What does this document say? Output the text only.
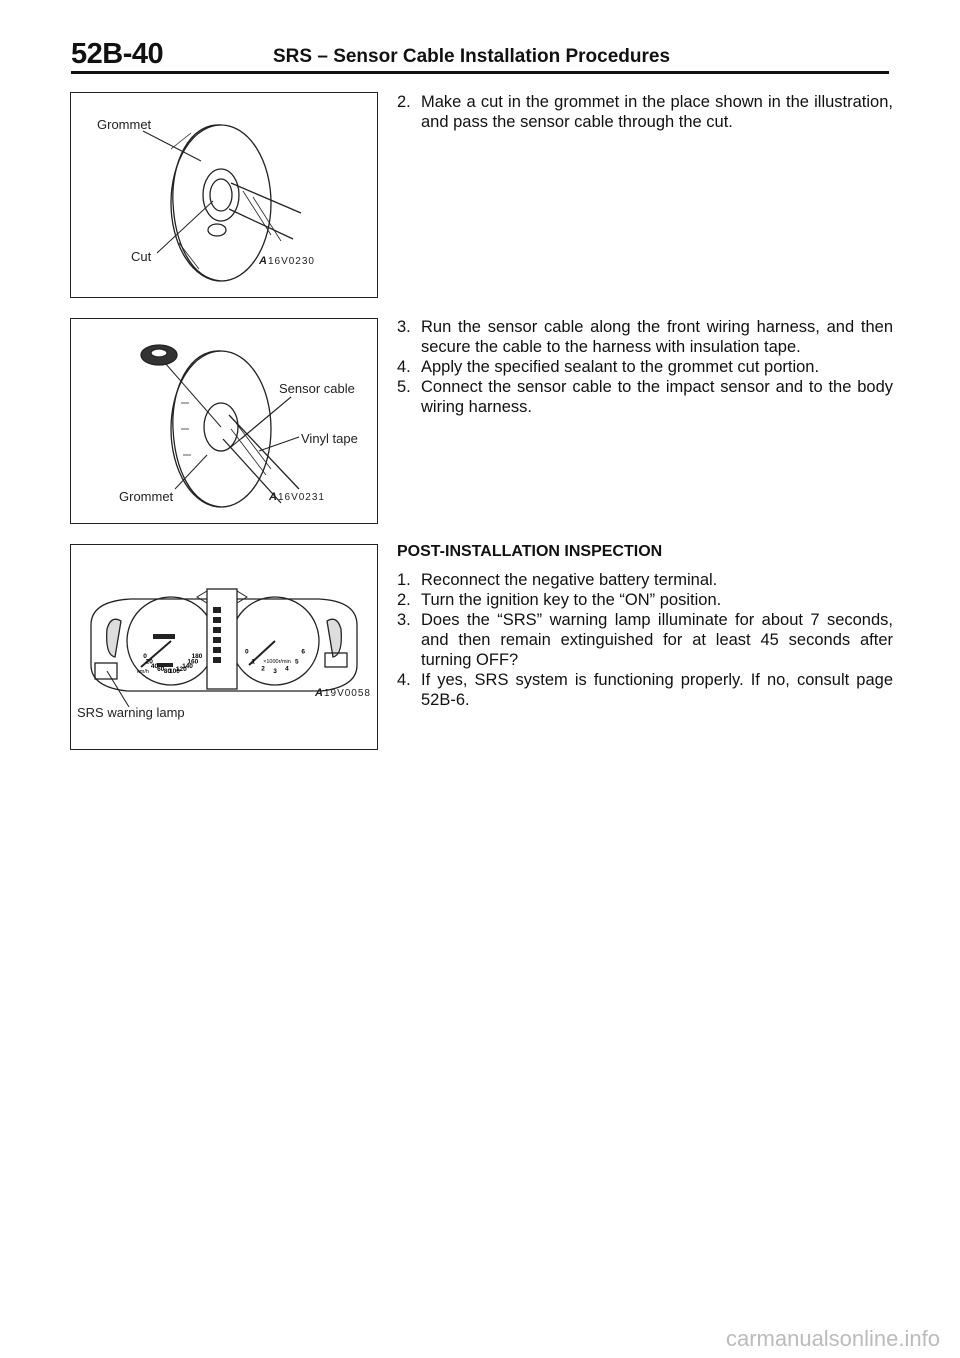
52B-40	SRS – Sensor Cable Installation Procedures
Grommet
Cut	A16V0230
Sensor cable
Vinyl tape
Grommet	A16V0231
0
20
40
60 80
100
120
140
160
180
km/h
0
1
2 3 4
5
6
×1000r/min
SRS warning lamp
A19V0058
2. Make a cut in the grommet in the place shown in the illustration, and pass the sensor cable through the cut.
3. Run the sensor cable along the front wiring harness, and then secure the cable to the harness with insulation tape.
4. Apply the specified sealant to the grommet cut portion.
5. Connect the sensor cable to the impact sensor and to the body wiring harness.
POST-INSTALLATION INSPECTION
1. Reconnect the negative battery terminal.
2. Turn the ignition key to the “ON” position.
3. Does the “SRS” warning lamp illuminate for about 7 seconds, and then remain extinguished for at least 45 seconds after turning OFF?
4. If yes, SRS system is functioning properly. If no, consult page 52B-6.
carmanualsonline.info
